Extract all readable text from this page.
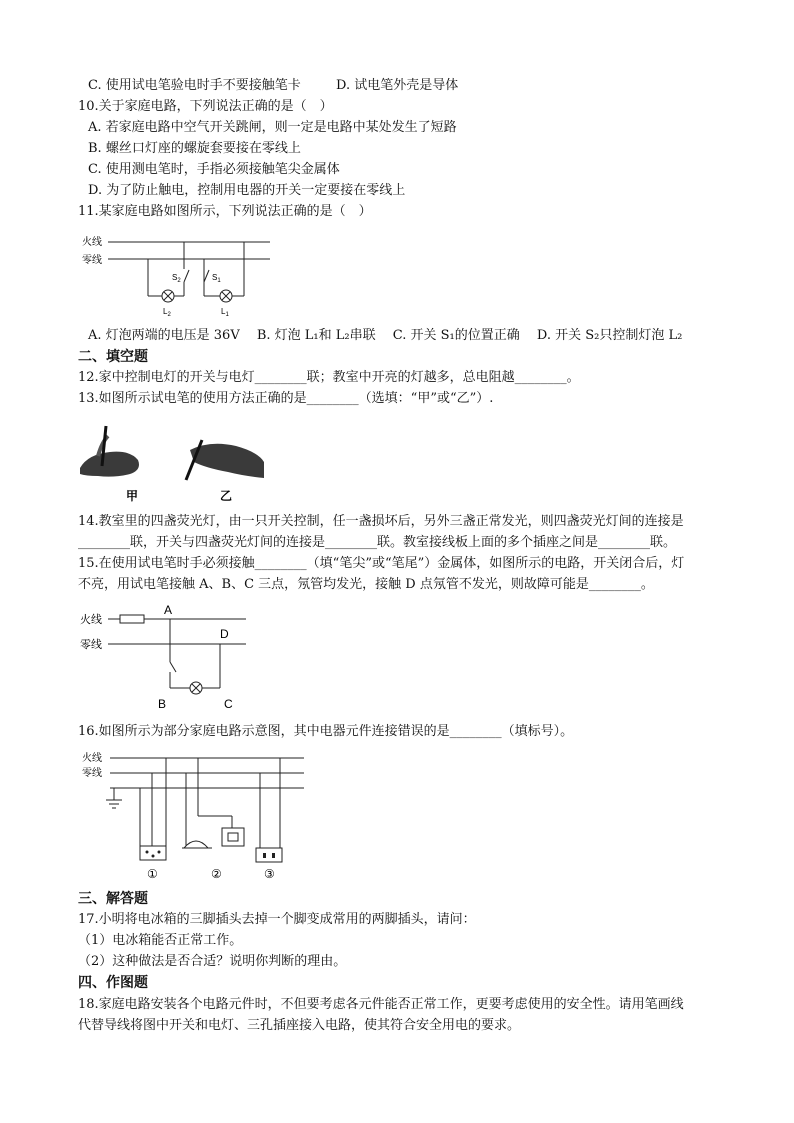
C. 使用试电笔验电时手不要接触笔卡	D. 试电笔外壳是导体
10.关于家庭电路，下列说法正确的是（　）
A. 若家庭电路中空气开关跳闸，则一定是电路中某处发生了短路
B. 螺丝口灯座的螺旋套要接在零线上
C. 使用测电笔时，手指必须接触笔尖金属体
D. 为了防止触电，控制用电器的开关一定要接在零线上
11.某家庭电路如图所示，下列说法正确的是（　）
火线
零线
$S_2$
$L_2$
$S_1$
$L_1$
A. 灯泡两端的电压是 36V　 B. 灯泡 L₁和 L₂串联　 C. 开关 S₁的位置正确　 D. 开关 S₂只控制灯泡 L₂
二、填空题
12.家中控制电灯的开关与电灯________联；教室中开亮的灯越多，总电阻越________。
13.如图所示试电笔的使用方法正确的是________（选填：“甲”或“乙”）.
甲	乙
14.教室里的四盏荧光灯，由一只开关控制，任一盏损坏后，另外三盏正常发光，则四盏荧光灯间的连接是
________联，开关与四盏荧光灯间的连接是________联。教室接线板上面的多个插座之间是________联。
15.在使用试电笔时手必须接触________（填“笔尖”或“笔尾”）金属体，如图所示的电路，开关闭合后，灯
不亮，用试电笔接触 A、B、C 三点，氖管均发光，接触 D 点氖管不发光，则故障可能是________。
火线
零线
A
D
B	C
16.如图所示为部分家庭电路示意图，其中电器元件连接错误的是________（填标号）。
火线
零线
①	②	③
三、解答题
17.小明将电冰箱的三脚插头去掉一个脚变成常用的两脚插头，请问：
（1）电冰箱能否正常工作。
（2）这种做法是否合适？说明你判断的理由。
四、作图题
18.家庭电路安装各个电路元件时，不但要考虑各元件能否正常工作，更要考虑使用的安全性。请用笔画线
代替导线将图中开关和电灯、三孔插座接入电路，使其符合安全用电的要求。
